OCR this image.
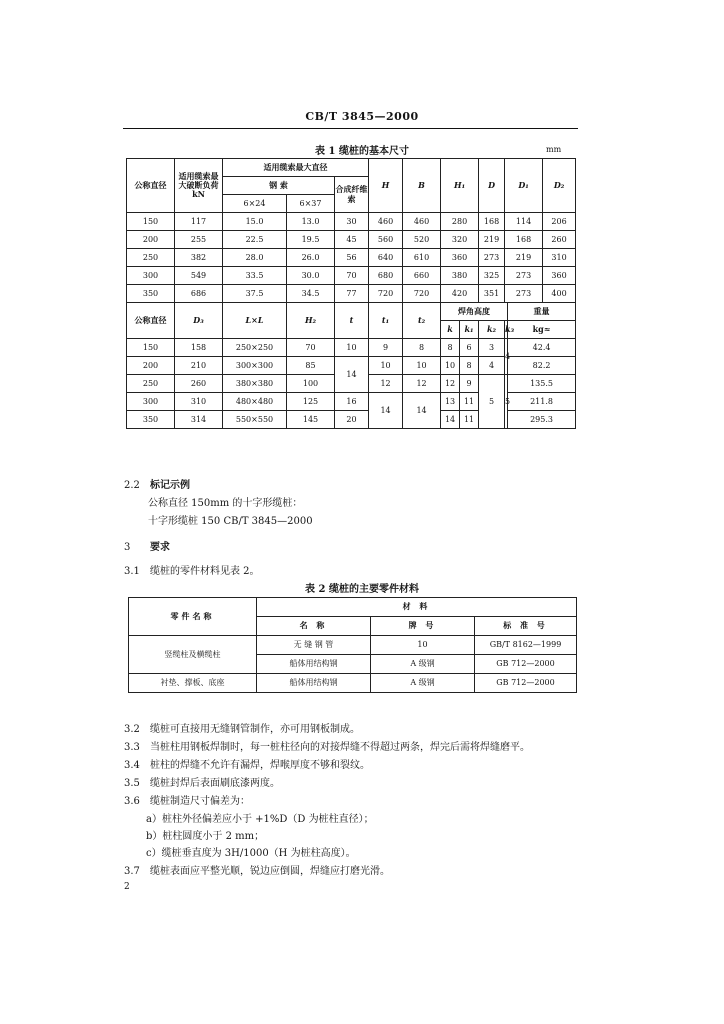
CB/T 3845—2000
表 1 缆桩的基本尺寸	mm
公称直径	适用缆索最大破断负荷 kN	适用缆索最大直径			H	B	H₁		D	D₁		D₂
		钢 索		合成纤维索								
		6×24	6×37									
150	117	15.0	13.0	30	460	460	280		168	114		206
200	255	22.5	19.5	45	560	520	320		219	168		260
250	382	28.0	26.0	56	640	610	360		273	219		310
300	549	33.5	30.0	70	680	660	380		325	273		360
350	686	37.5	34.5	77	720	720	420		351	273		400
公称直径	D₃	L×L	H₂	t	t₁	t₂	焊角高度				重量	
							k	k₁	k₂	k₃	kg≈	
150	158	250×250	70	10	9	8	8	6	3	4	42.4	
200	210	300×300	85	14	10	10	10	8	4		82.2	
250	260	380×380	100		12	12	12	9	5	5	135.5	
300	310	480×480	125	16	14	14	13	11			211.8	
350	314	550×550	145	20			14	11			295.3	
2.2 标记示例
公称直径 150mm 的十字形缆桩：
十字形缆桩 150 CB/T 3845—2000
3 要求
3.1 缆桩的零件材料见表 2。
表 2 缆桩的主要零件材料
零件名称	材 料		
	名 称	牌 号	标 准 号
竖缆柱及横缆柱	无 缝 钢 管	10	GB/T 8162—1999
	船体用结构钢	A 级钢	GB 712—2000
衬垫、撑板、底座	船体用结构钢	A 级钢	GB 712—2000
3.2 缆桩可直接用无缝钢管制作，亦可用钢板制成。
3.3 当桩柱用钢板焊制时，每一桩柱径向的对接焊缝不得超过两条，焊完后需将焊缝磨平。
3.4 桩柱的焊缝不允许有漏焊，焊喉厚度不够和裂纹。
3.5 缆桩封焊后表面刷底漆两度。
3.6 缆桩制造尺寸偏差为：
a）桩柱外径偏差应小于 +1%D（D 为桩柱直径）；
b）桩柱圆度小于 2 mm；
c）缆桩垂直度为 3H/1000（H 为桩柱高度）。
3.7 缆桩表面应平整光顺，锐边应倒圆，焊缝应打磨光滑。
2
